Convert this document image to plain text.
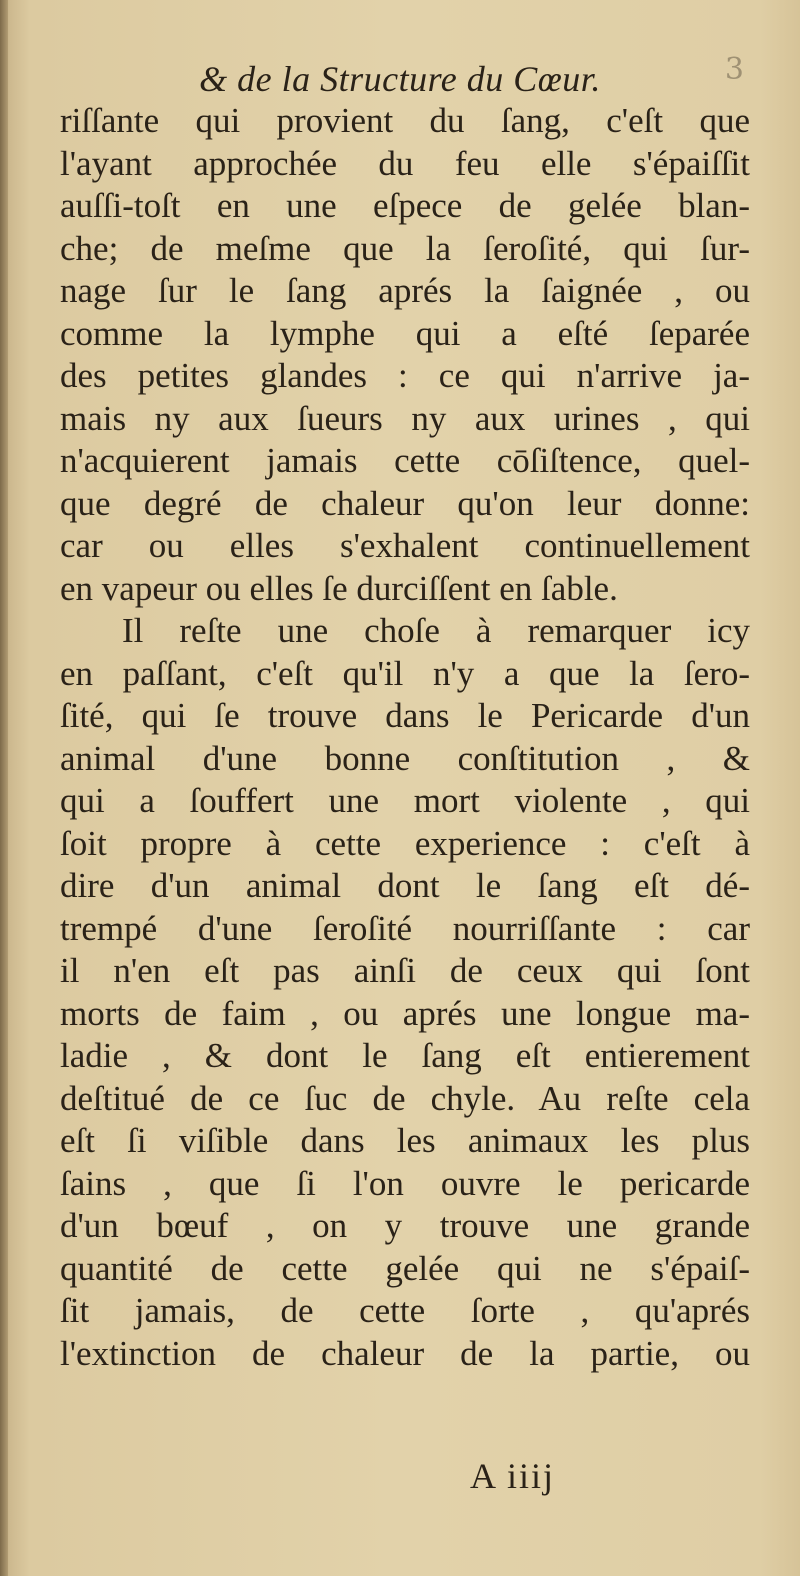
& de la Structure du Cœur.	3
riſſante qui provient du ſang, c'eſt que
l'ayant approchée du feu elle s'épaiſſit
auſſi-toſt en une eſpece de gelée blan-
che; de meſme que la ſeroſité, qui ſur-
nage ſur le ſang aprés la ſaignée , ou
comme la lymphe qui a eſté ſeparée
des petites glandes : ce qui n'arrive ja-
mais ny aux ſueurs ny aux urines , qui
n'acquierent jamais cette cōſiſtence, quel-
que degré de chaleur qu'on leur donne:
car ou elles s'exhalent continuellement
en vapeur ou elles ſe durciſſent en ſable.
Il reſte une choſe à remarquer icy
en paſſant, c'eſt qu'il n'y a que la ſero-
ſité, qui ſe trouve dans le Pericarde d'un
animal d'une bonne conſtitution , &
qui a ſouffert une mort violente , qui
ſoit propre à cette experience : c'eſt à
dire d'un animal dont le ſang eſt dé-
trempé d'une ſeroſité nourriſſante : car
il n'en eſt pas ainſi de ceux qui ſont
morts de faim , ou aprés une longue ma-
ladie , & dont le ſang eſt entierement
deſtitué de ce ſuc de chyle. Au reſte cela
eſt ſi viſible dans les animaux les plus
ſains , que ſi l'on ouvre le pericarde
d'un bœuf , on y trouve une grande
quantité de cette gelée qui ne s'épaiſ-
ſit jamais, de cette ſorte , qu'aprés
l'extinction de chaleur de la partie, ou
A iiij
